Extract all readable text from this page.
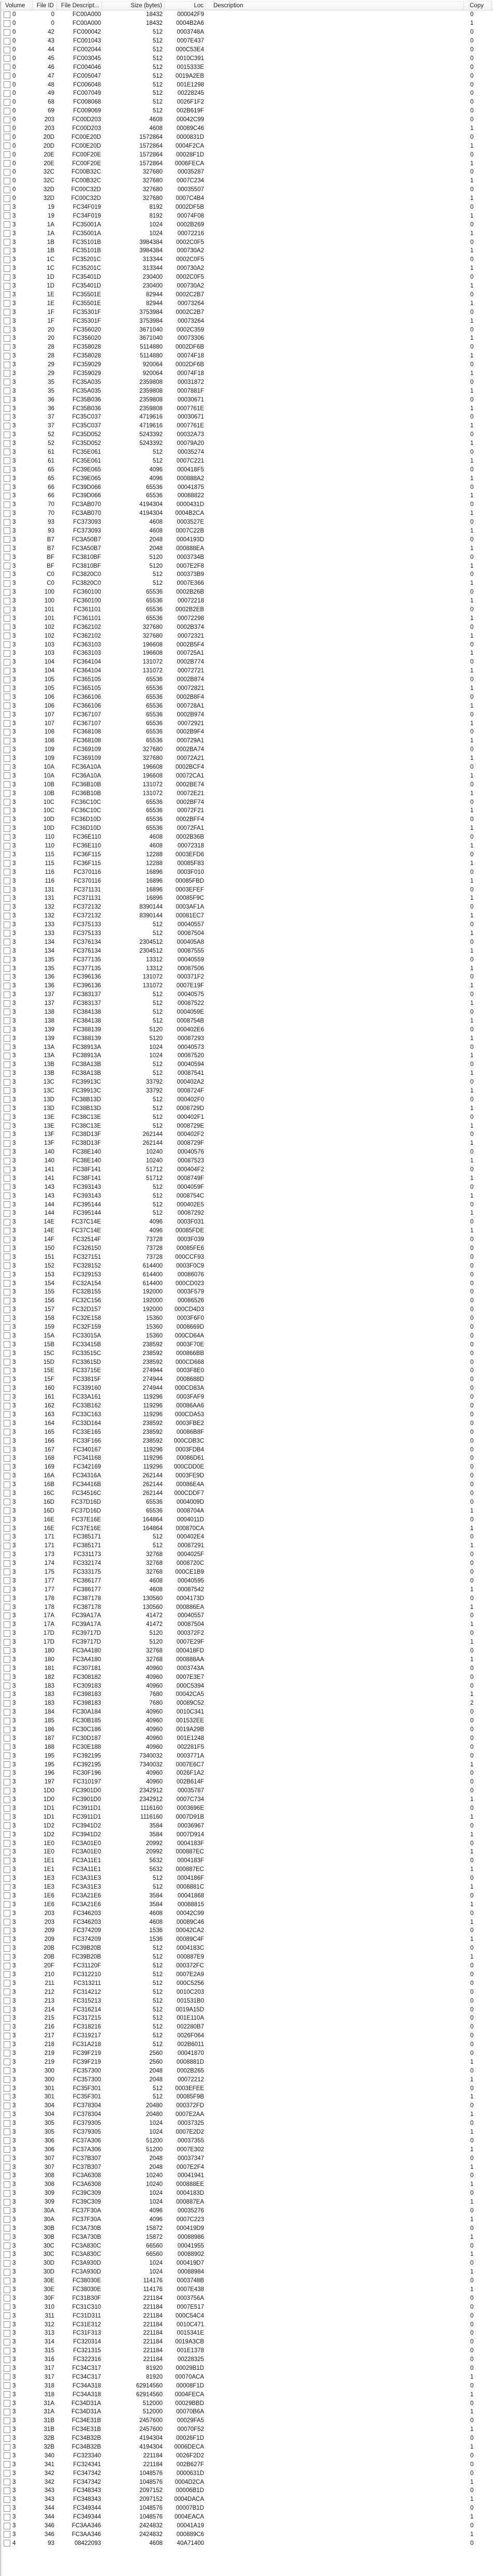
Volume	File ID	File Descript...	Size (bytes)	Loc	Description	Copy
0	0	FC00A000	18432	000042F9	0
0	0	FC00A000	18432	0004B2A6	1
0	42	FC000042	512	0003748A	0
0	43	FC001043	512	0007E437	0
0	44	FC002044	512	000C53E4	0
0	45	FC003045	512	0010C391	0
0	46	FC004046	512	0015333E	0
0	47	FC005047	512	0019A2EB	0
0	48	FC006048	512	001E1298	0
0	49	FC007049	512	00228245	0
0	68	FC008068	512	0026F1F2	0
0	69	FC009069	512	002B619F	0
0	203	FC00D203	4608	00042C99	0
0	203	FC00D203	4608	00089C46	1
0	20D	FC00E20D	1572864	0000831D	0
0	20D	FC00E20D	1572864	0004F2CA	1
0	20E	FC00F20E	1572864	00028F1D	0
0	20E	FC00F20E	1572864	0006FECA	1
0	32C	FC00B32C	327680	00035287	0
0	32C	FC00B32C	327680	0007C234	1
0	32D	FC00C32D	327680	00035507	0
0	32D	FC00C32D	327680	0007C4B4	1
3	19	FC34F019	8192	0002DF5B	0
3	19	FC34F019	8192	00074F08	1
3	1A	FC35001A	1024	0002B269	0
3	1A	FC35001A	1024	00072216	1
3	1B	FC35101B	3984384	0002C0F5	0
3	1B	FC35101B	3984384	000730A2	1
3	1C	FC35201C	313344	0002C0F5	0
3	1C	FC35201C	313344	000730A2	1
3	1D	FC35401D	230400	0002C0F5	0
3	1D	FC35401D	230400	000730A2	1
3	1E	FC35501E	82944	0002C2B7	0
3	1E	FC35501E	82944	00073264	1
3	1F	FC35301F	3753984	0002C2B7	0
3	1F	FC35301F	3753984	00073264	1
3	20	FC356020	3671040	0002C359	0
3	20	FC356020	3671040	00073306	1
3	28	FC358028	5114880	0002DF6B	0
3	28	FC358028	5114880	00074F18	1
3	29	FC359029	920064	0002DF6B	0
3	29	FC359029	920064	00074F18	1
3	35	FC35A035	2359808	00031872	0
3	35	FC35A035	2359808	0007881F	1
3	36	FC35B036	2359808	00030671	0
3	36	FC35B036	2359808	0007761E	1
3	37	FC35C037	4719616	00030671	0
3	37	FC35C037	4719616	0007761E	1
3	52	FC35D052	5243392	00032A73	0
3	52	FC35D052	5243392	00079A20	1
3	61	FC35E061	512	00035274	0
3	61	FC35E061	512	0007C221	1
3	65	FC39E065	4096	000418F5	0
3	65	FC39E065	4096	000888A2	1
3	66	FC39D066	65536	00041875	0
3	66	FC39D066	65536	00088822	1
3	70	FC3AB070	4194304	0000431D	0
3	70	FC3AB070	4194304	0004B2CA	1
3	93	FC373093	4608	0003527E	0
3	93	FC373093	4608	0007C22B	1
3	B7	FC3A50B7	2048	0004193D	0
3	B7	FC3A50B7	2048	000888EA	1
3	BF	FC3810BF	5120	0003734B	0
3	BF	FC3810BF	5120	0007E2F8	1
3	C0	FC3820C0	512	000373B9	0
3	C0	FC3820C0	512	0007E366	1
3	100	FC360100	65536	0002B26B	0
3	100	FC360100	65536	00072218	1
3	101	FC361101	65536	0002B2EB	0
3	101	FC361101	65536	00072298	1
3	102	FC362102	327680	0002B374	0
3	102	FC362102	327680	00072321	1
3	103	FC363103	196608	0002B5F4	0
3	103	FC363103	196608	000725A1	1
3	104	FC364104	131072	0002B774	0
3	104	FC364104	131072	00072721	1
3	105	FC365105	65536	0002B874	0
3	105	FC365105	65536	00072821	1
3	106	FC366106	65536	0002B8F4	0
3	106	FC366106	65536	000728A1	1
3	107	FC367107	65536	0002B974	0
3	107	FC367107	65536	00072921	1
3	108	FC368108	65536	0002B9F4	0
3	108	FC368108	65536	000729A1	1
3	109	FC369109	327680	0002BA74	0
3	109	FC369109	327680	00072A21	1
3	10A	FC36A10A	196608	0002BCF4	0
3	10A	FC36A10A	196608	00072CA1	1
3	10B	FC36B10B	131072	0002BE74	0
3	10B	FC36B10B	131072	00072E21	1
3	10C	FC36C10C	65536	0002BF74	0
3	10C	FC36C10C	65536	00072F21	1
3	10D	FC36D10D	65536	0002BFF4	0
3	10D	FC36D10D	65536	00072FA1	1
3	110	FC36E110	4608	0002B36B	0
3	110	FC36E110	4608	00072318	1
3	115	FC36F115	12288	0003EFD6	0
3	115	FC36F115	12288	00085F83	1
3	116	FC370116	16896	0003F010	0
3	116	FC370116	16896	00085FBD	1
3	131	FC371131	16896	0003EFEF	0
3	131	FC371131	16896	00085F9C	1
3	132	FC372132	8390144	0003AF1A	0
3	132	FC372132	8390144	00081EC7	1
3	133	FC375133	512	00040557	0
3	133	FC375133	512	00087504	1
3	134	FC376134	2304512	000405A8	0
3	134	FC376134	2304512	00087555	1
3	135	FC377135	13312	00040559	0
3	135	FC377135	13312	00087506	1
3	136	FC396136	131072	000371F2	0
3	136	FC396136	131072	0007E19F	1
3	137	FC383137	512	00040575	0
3	137	FC383137	512	00087522	1
3	138	FC384138	512	0004059E	0
3	138	FC384138	512	0008754B	1
3	139	FC388139	5120	000402E6	0
3	139	FC388139	5120	00087293	1
3	13A	FC38913A	1024	00040573	0
3	13A	FC38913A	1024	00087520	1
3	13B	FC38A13B	512	00040594	0
3	13B	FC38A13B	512	00087541	1
3	13C	FC39913C	33792	000402A2	0
3	13C	FC39913C	33792	0008724F	1
3	13D	FC38B13D	512	000402F0	0
3	13D	FC38B13D	512	0008729D	1
3	13E	FC38C13E	512	000402F1	0
3	13E	FC38C13E	512	0008729E	1
3	13F	FC38D13F	262144	000402F2	0
3	13F	FC38D13F	262144	0008729F	1
3	140	FC38E140	10240	00040576	0
3	140	FC38E140	10240	00087523	1
3	141	FC38F141	51712	000404F2	0
3	141	FC38F141	51712	0008749F	1
3	143	FC393143	512	0004059F	0
3	143	FC393143	512	0008754C	1
3	144	FC395144	512	000402E5	0
3	144	FC395144	512	00087292	1
3	14E	FC37C14E	4096	0003F031	0
3	14E	FC37C14E	4096	00085FDE	1
3	14F	FC32514F	73728	0003F039	0
3	150	FC326150	73728	00085FE6	0
3	151	FC327151	73728	000CCF93	0
3	152	FC328152	614400	0003F0C9	0
3	153	FC329153	614400	00086076	0
3	154	FC32A154	614400	000CD023	0
3	155	FC32B155	192000	0003F579	0
3	156	FC32C156	192000	00086526	0
3	157	FC32D157	192000	000CD4D3	0
3	158	FC32E158	15360	0003F6F0	0
3	159	FC32F159	15360	0008669D	0
3	15A	FC33015A	15360	000CD64A	0
3	15B	FC33415B	238592	0003F70E	0
3	15C	FC33515C	238592	000866BB	0
3	15D	FC33615D	238592	000CD668	0
3	15E	FC33715E	274944	0003F8E0	0
3	15F	FC33815F	274944	0008688D	0
3	160	FC339160	274944	000CD83A	0
3	161	FC33A161	119296	0003FAF9	0
3	162	FC33B162	119296	00086AA6	0
3	163	FC33C163	119296	000CDA53	0
3	164	FC33D164	238592	0003FBE2	0
3	165	FC33E165	238592	00086B8F	0
3	166	FC33F166	238592	000CDB3C	0
3	167	FC340167	119296	0003FDB4	0
3	168	FC341168	119296	00086D61	0
3	169	FC342169	119296	000CDD0E	0
3	16A	FC34316A	262144	0003FE9D	0
3	16B	FC34416B	262144	00086E4A	0
3	16C	FC34516C	262144	000CDDF7	0
3	16D	FC37D16D	65536	0004009D	0
3	16D	FC37D16D	65536	0008704A	1
3	16E	FC37E16E	164864	0004011D	0
3	16E	FC37E16E	164864	000870CA	1
3	171	FC385171	512	000402E4	0
3	171	FC385171	512	00087291	1
3	173	FC331173	32768	0004025F	0
3	174	FC332174	32768	0008720C	0
3	175	FC333175	32768	000CE1B9	0
3	177	FC386177	4608	00040595	0
3	177	FC386177	4608	00087542	1
3	178	FC387178	130560	0004173D	0
3	178	FC387178	130560	000886EA	1
3	17A	FC39A17A	41472	00040557	0
3	17A	FC39A17A	41472	00087504	1
3	17D	FC39717D	5120	000372F2	0
3	17D	FC39717D	5120	0007E29F	1
3	180	FC3A4180	32768	000418FD	0
3	180	FC3A4180	32768	000888AA	1
3	181	FC307181	40960	0003743A	0
3	182	FC308182	40960	0007E3E7	0
3	183	FC309183	40960	000C5394	0
3	183	FC398183	7680	00042CA5	1
3	183	FC398183	7680	00089C52	2
3	184	FC30A184	40960	0010C341	0
3	185	FC30B185	40960	001532EE	0
3	186	FC30C186	40960	0019A29B	0
3	187	FC30D187	40960	001E1248	0
3	188	FC30E188	40960	002281F5	0
3	195	FC392195	7340032	0003771A	0
3	195	FC392195	7340032	0007E6C7	1
3	196	FC30F196	40960	0026F1A2	0
3	197	FC310197	40960	002B614F	0
3	1D0	FC3901D0	2342912	00035787	0
3	1D0	FC3901D0	2342912	0007C734	1
3	1D1	FC3911D1	1116160	0003696E	0
3	1D1	FC3911D1	1116160	0007D91B	1
3	1D2	FC3941D2	3584	00036967	0
3	1D2	FC3941D2	3584	0007D914	1
3	1E0	FC3A01E0	20992	0004183F	0
3	1E0	FC3A01E0	20992	000887EC	1
3	1E1	FC3A11E1	5632	0004183F	0
3	1E1	FC3A11E1	5632	000887EC	1
3	1E3	FC3A31E3	512	0004186F	0
3	1E3	FC3A31E3	512	0008881C	1
3	1E6	FC3A21E6	3584	00041868	0
3	1E6	FC3A21E6	3584	00088815	1
3	203	FC346203	4608	00042C99	0
3	203	FC346203	4608	00089C46	1
3	209	FC374209	1536	00042CA2	0
3	209	FC374209	1536	00089C4F	1
3	20B	FC39B20B	512	0004183C	0
3	20B	FC39B20B	512	000887E9	1
3	20F	FC31120F	512	000372FC	0
3	210	FC312210	512	0007E2A9	0
3	211	FC313211	512	000C5256	0
3	212	FC314212	512	0010C203	0
3	213	FC315213	512	001531B0	0
3	214	FC316214	512	0019A15D	0
3	215	FC317215	512	001E110A	0
3	216	FC318216	512	002280B7	0
3	217	FC319217	512	0026F064	0
3	218	FC31A218	512	002B6011	0
3	219	FC39F219	2560	00041870	0
3	219	FC39F219	2560	0008881D	1
3	300	FC357300	2048	0002B265	0
3	300	FC357300	2048	00072212	1
3	301	FC35F301	512	0003EFEE	0
3	301	FC35F301	512	00085F9B	1
3	304	FC378304	20480	000372FD	0
3	304	FC378304	20480	0007E2AA	1
3	305	FC379305	1024	00037325	0
3	305	FC379305	1024	0007E2D2	1
3	306	FC37A306	51200	00037355	0
3	306	FC37A306	51200	0007E302	1
3	307	FC37B307	2048	00037347	0
3	307	FC37B307	2048	0007E2F4	1
3	308	FC3A6308	10240	00041941	0
3	308	FC3A6308	10240	000888EE	1
3	309	FC39C309	1024	0004183D	0
3	309	FC39C309	1024	000887EA	1
3	30A	FC37F30A	4096	00035276	0
3	30A	FC37F30A	4096	0007C223	1
3	30B	FC3A730B	15872	000419D9	0
3	30B	FC3A730B	15872	00088986	1
3	30C	FC3A830C	66560	00041955	0
3	30C	FC3A830C	66560	00088902	1
3	30D	FC3A930D	1024	000419D7	0
3	30D	FC3A930D	1024	00088984	1
3	30E	FC38030E	114176	0003748B	0
3	30E	FC38030E	114176	0007E438	1
3	30F	FC31B30F	221184	0003756A	0
3	310	FC31C310	221184	0007E517	0
3	311	FC31D311	221184	000C54C4	0
3	312	FC31E312	221184	0010C471	0
3	313	FC31F313	221184	0015341E	0
3	314	FC320314	221184	0019A3CB	0
3	315	FC321315	221184	001E1378	0
3	316	FC322316	221184	00228325	0
3	317	FC34C317	81920	00029B1D	0
3	317	FC34C317	81920	00070ACA	1
3	318	FC34A318	62914560	00008F1D	0
3	318	FC34A318	62914560	0004FECA	1
3	31A	FC34D31A	512000	00029BBD	0
3	31A	FC34D31A	512000	00070B6A	1
3	31B	FC34E31B	2457600	00029FA5	0
3	31B	FC34E31B	2457600	00070F52	1
3	32B	FC34B32B	4194304	00026F1D	0
3	32B	FC34B32B	4194304	0006DECA	1
3	340	FC323340	221184	0026F2D2	0
3	341	FC324341	221184	002B627F	0
3	342	FC347342	1048576	0000631D	0
3	342	FC347342	1048576	0004D2CA	1
3	343	FC348343	2097152	00006B1D	0
3	343	FC348343	2097152	0004DACA	1
3	344	FC349344	1048576	00007B1D	0
3	344	FC349344	1048576	0004EACA	1
3	346	FC3AA346	2424832	00041A19	0
3	346	FC3AA346	2424832	000889C6	1
4	93	08422093	4608	40A71400	0
